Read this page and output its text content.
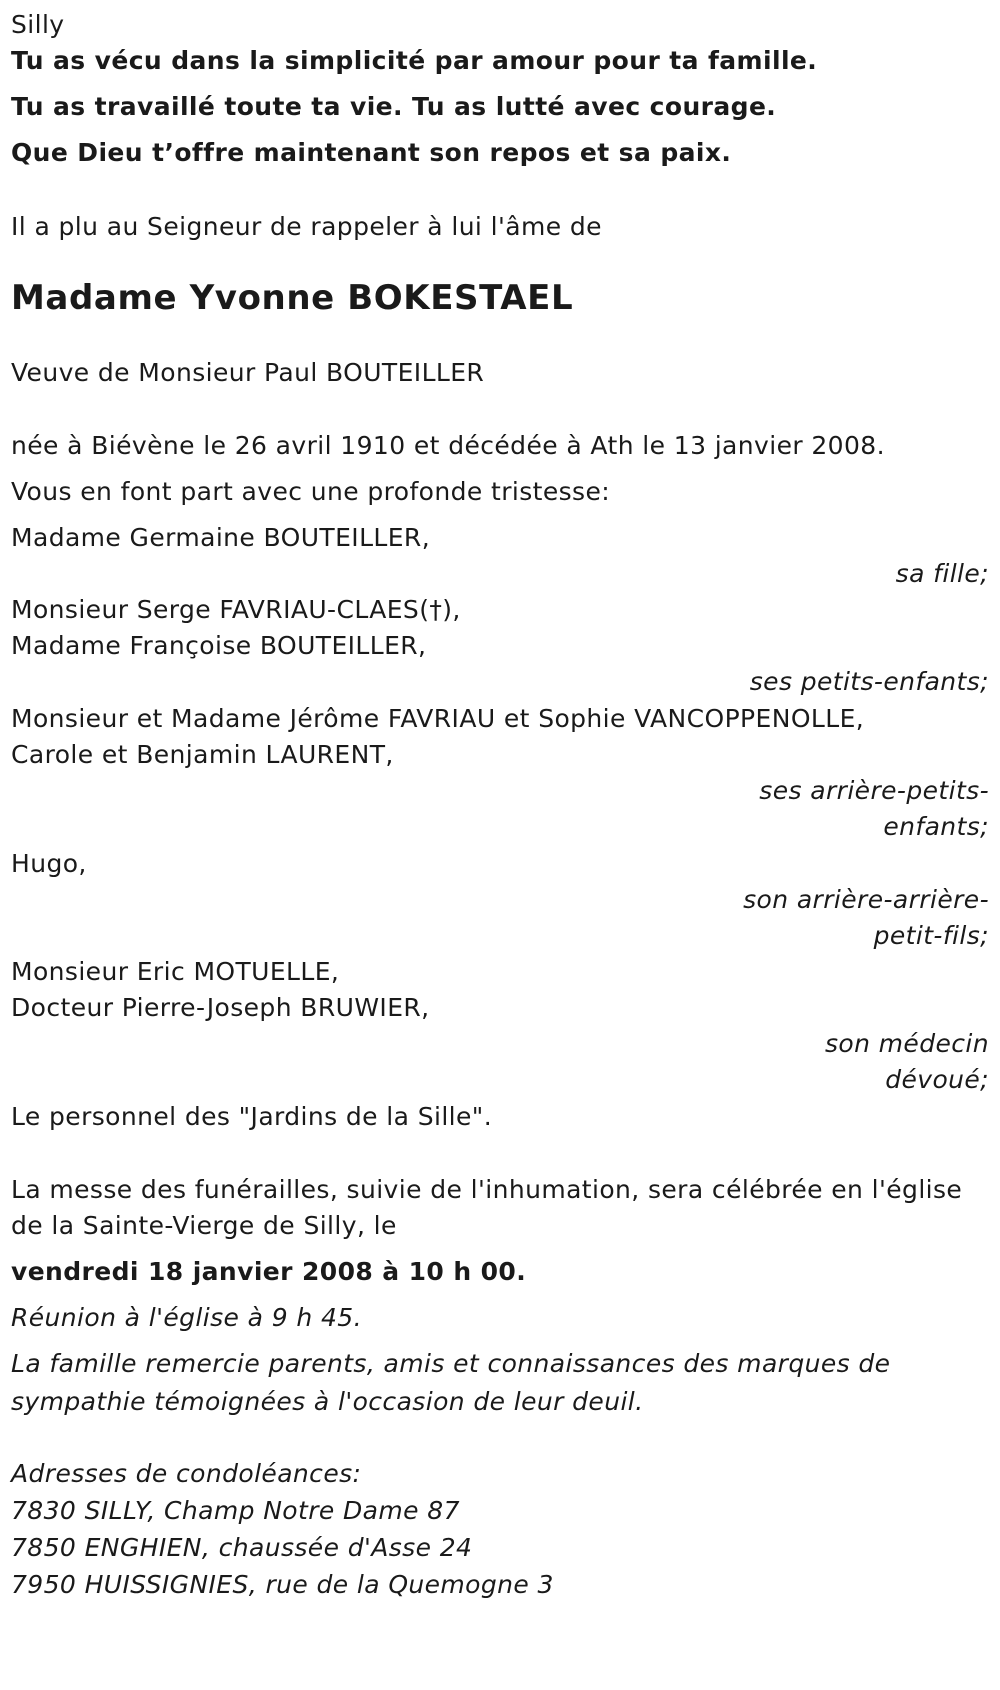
Silly
Tu as vécu dans la simplicité par amour pour ta famille.
Tu as travaillé toute ta vie. Tu as lutté avec courage.
Que Dieu t’offre maintenant son repos et sa paix.
Il a plu au Seigneur de rappeler à lui l'âme de
Madame Yvonne BOKESTAEL
Veuve de Monsieur Paul BOUTEILLER
née à Biévène le 26 avril 1910 et décédée à Ath le 13 janvier 2008.
Vous en font part avec une profonde tristesse:
Madame Germaine BOUTEILLER,
sa fille;
Monsieur Serge FAVRIAU-CLAES(†),
Madame Françoise BOUTEILLER,
ses petits-enfants;
Monsieur et Madame Jérôme FAVRIAU et Sophie VANCOPPENOLLE,
Carole et Benjamin LAURENT,
ses arrière-petits-
enfants;
Hugo,
son arrière-arrière-
petit-fils;
Monsieur Eric MOTUELLE,
Docteur Pierre-Joseph BRUWIER,
son médecin
dévoué;
Le personnel des "Jardins de la Sille".
La messe des funérailles, suivie de l'inhumation, sera célébrée en l'église
de la Sainte-Vierge de Silly, le
vendredi 18 janvier 2008 à 10 h 00.
Réunion à l'église à 9 h 45.
La famille remercie parents, amis et connaissances des marques de
sympathie témoignées à l'occasion de leur deuil.
Adresses de condoléances:
7830 SILLY, Champ Notre Dame 87
7850 ENGHIEN, chaussée d'Asse 24
7950 HUISSIGNIES, rue de la Quemogne 3
